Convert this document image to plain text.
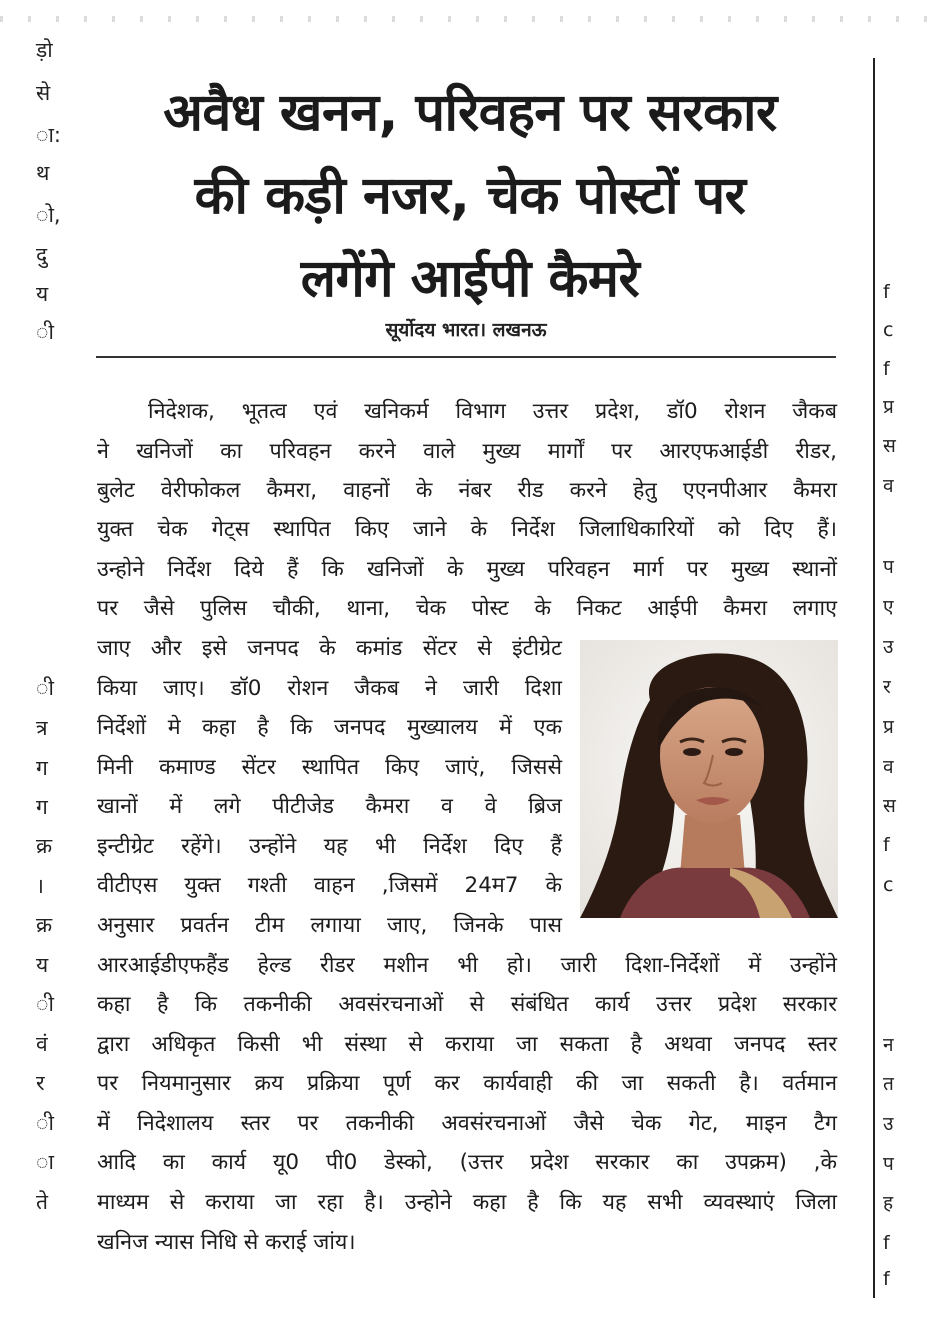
ड़ो
से
ा:
थ
ो,
दु
य
ी
ी
त्र
ग
ग
क्र
।
क्र
य
ी
वं
र
ी
ा
ते
f
c
f
प्र
स
व
प
ए
उ
र
प्र
व
स
f
c
न
त
उ
प
ह
f
f
अवैध खनन, परिवहन पर सरकार
की कड़ी नजर, चेक पोस्टों पर
लगेंगे आईपी कैमरे
सूर्योदय भारत। लखनऊ
निदेशक, भूतत्व एवं खनिकर्म विभाग उत्तर प्रदेश, डॉ0 रोशन जैकब
ने खनिजों का परिवहन करने वाले मुख्य मार्गों पर आरएफआईडी रीडर,
बुलेट वेरीफोकल कैमरा, वाहनों के नंबर रीड करने हेतु एएनपीआर कैमरा
युक्त चेक गेट्स स्थापित किए जाने के निर्देश जिलाधिकारियों को दिए हैं।
उन्होने निर्देश दिये हैं कि खनिजों के मुख्य परिवहन मार्ग पर मुख्य स्थानों
पर जैसे पुलिस चौकी, थाना, चेक पोस्ट के निकट आईपी कैमरा लगाए
जाए और इसे जनपद के कमांड सेंटर से इंटीग्रेट
किया जाए। डॉ0 रोशन जैकब ने जारी दिशा
निर्देशों मे कहा है कि जनपद मुख्यालय में एक
मिनी कमाण्ड सेंटर स्थापित किए जाएं, जिससे
खानों में लगे पीटीजेड कैमरा व वे ब्रिज
इन्टीग्रेट रहेंगे। उन्होंने यह भी निर्देश दिए हैं
वीटीएस युक्त गश्ती वाहन ,जिसमें 24म7 के
अनुसार प्रवर्तन टीम लगाया जाए, जिनके पास
आरआईडीएफहैंड हेल्ड रीडर मशीन भी हो। जारी दिशा-निर्देशों में उन्होंने
कहा है कि तकनीकी अवसंरचनाओं से संबंधित कार्य उत्तर प्रदेश सरकार
द्वारा अधिकृत किसी भी संस्था से कराया जा सकता है अथवा जनपद स्तर
पर नियमानुसार क्रय प्रक्रिया पूर्ण कर कार्यवाही की जा सकती है। वर्तमान
में निदेशालय स्तर पर तकनीकी अवसंरचनाओं जैसे चेक गेट, माइन टैग
आदि का कार्य यू0 पी0 डेस्को, (उत्तर प्रदेश सरकार का उपक्रम) ,के
माध्यम से कराया जा रहा है। उन्होने कहा है कि यह सभी व्यवस्थाएं जिला
खनिज न्यास निधि से कराई जांय।
